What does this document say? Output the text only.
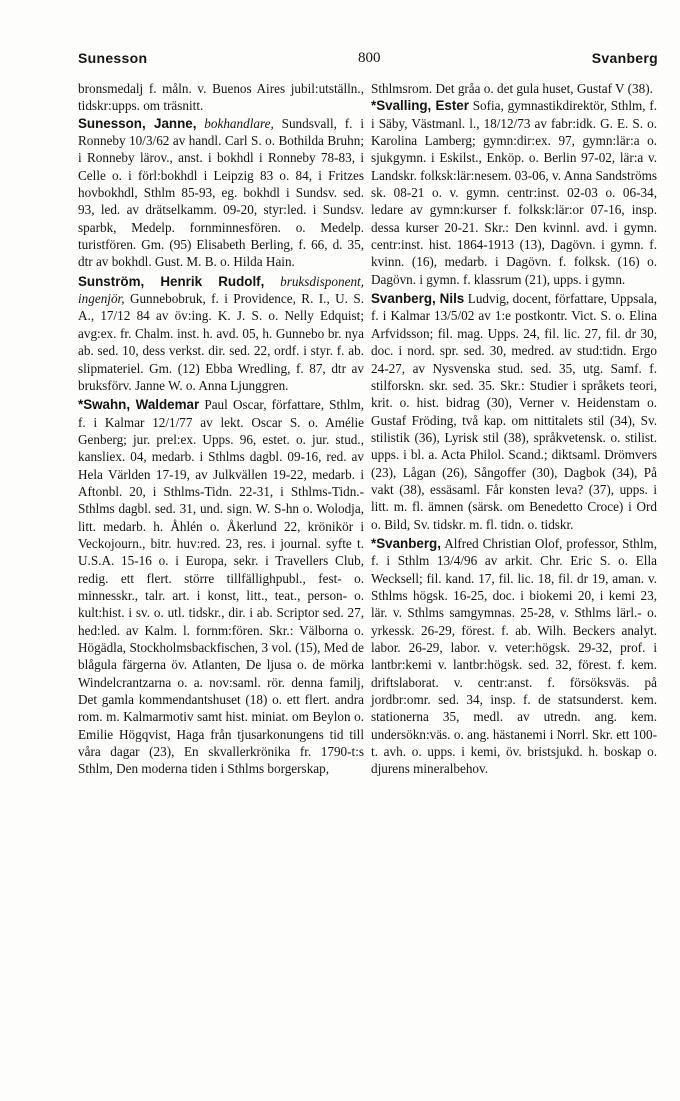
Sunesson	800	Svanberg

bronsmedalj f. måln. v. Buenos Aires jubil:utställn., tidskr:upps. om träsnitt.

Sunesson, Janne, bokhandlare, Sundsvall, f. i Ronneby 10/3/62 av handl. Carl S. o. Bothilda Bruhn; i Ronneby lärov., anst. i bokhdl i Ronneby 78-83, i Celle o. i förl:bokhdl i Leipzig 83 o. 84, i Fritzes hovbokhdl, Sthlm 85-93, eg. bokhdl i Sundsv. sed. 93, led. av drätselkamm. 09-20, styr:led. i Sundsv. sparbk, Medelp. fornminnesfören. o. Medelp. turistfören. Gm. (95) Elisabeth Berling, f. 66, d. 35, dtr av bokhdl. Gust. M. B. o. Hilda Hain.

Sunström, Henrik Rudolf, bruksdisponent, ingenjör, Gunnebobruk, f. i Providence, R. I., U. S. A., 17/12 84 av öv:ing. K. J. S. o. Nelly Edquist; avg:ex. fr. Chalm. inst. h. avd. 05, h. Gunnebo br. nya ab. sed. 10, dess verkst. dir. sed. 22, ordf. i styr. f. ab. slipmateriel. Gm. (12) Ebba Wredling, f. 87, dtr av bruksförv. Janne W. o. Anna Ljunggren.

*Swahn, Waldemar Paul Oscar, författare, Sthlm, f. i Kalmar 12/1/77 av lekt. Oscar S. o. Amélie Genberg; jur. prel:ex. Upps. 96, estet. o. jur. stud., kansliex. 04, medarb. i Sthlms dagbl. 09-16, red. av Hela Världen 17-19, av Julkvällen 19-22, medarb. i Aftonbl. 20, i Sthlms-Tidn. 22-31, i Sthlms-Tidn.-Sthlms dagbl. sed. 31, und. sign. W. S-hn o. Wolodja, litt. medarb. h. Åhlén o. Åkerlund 22, krönikör i Veckojourn., bitr. huv:red. 23, res. i journal. syfte t. U.S.A. 15-16 o. i Europa, sekr. i Travellers Club, redig. ett flert. större tillfällighpubl., fest- o. minnesskr., talr. art. i konst, litt., teat., person- o. kult:hist. i sv. o. utl. tidskr., dir. i ab. Scriptor sed. 27, hed:led. av Kalm. l. fornm:fören. Skr.: Välborna o. Högädla, Stockholmsbackfischen, 3 vol. (15), Med de blågula färgerna öv. Atlanten, De ljusa o. de mörka Windelcrantzarna o. a. nov:saml. rör. denna familj, Det gamla kommendantshuset (18) o. ett flert. andra rom. m. Kalmarmotiv samt hist. miniat. om Beylon o. Emilie Högqvist, Haga från tjusarkonungens tid till våra dagar (23), En skvallerkrönika fr. 1790-t:s Sthlm, Den moderna tiden i Sthlms borgerskap,

Sthlmsrom. Det gråa o. det gula huset, Gustaf V (38).

*Svalling, Ester Sofia, gymnastikdirektör, Sthlm, f. i Säby, Västmanl. l., 18/12/73 av fabr:idk. G. E. S. o. Karolina Lamberg; gymn:dir:ex. 97, gymn:lär:a o. sjukgymn. i Eskilst., Enköp. o. Berlin 97-02, lär:a v. Landskr. folksk:lär:nesem. 03-06, v. Anna Sandströms sk. 08-21 o. v. gymn. centr:inst. 02-03 o. 06-34, ledare av gymn:kurser f. folksk:lär:or 07-16, insp. dessa kurser 20-21. Skr.: Den kvinnl. avd. i gymn. centr:inst. hist. 1864-1913 (13), Dagövn. i gymn. f. kvinn. (16), medarb. i Dagövn. f. folksk. (16) o. Dagövn. i gymn. f. klassrum (21), upps. i gymn.

Svanberg, Nils Ludvig, docent, författare, Uppsala, f. i Kalmar 13/5/02 av 1:e postkontr. Vict. S. o. Elina Arfvidsson; fil. mag. Upps. 24, fil. lic. 27, fil. dr 30, doc. i nord. spr. sed. 30, medred. av stud:tidn. Ergo 24-27, av Nysvenska stud. sed. 35, utg. Samf. f. stilforskn. skr. sed. 35. Skr.: Studier i språkets teori, krit. o. hist. bidrag (30), Verner v. Heidenstam o. Gustaf Fröding, två kap. om nittitalets stil (34), Sv. stilistik (36), Lyrisk stil (38), språkvetensk. o. stilist. upps. i bl. a. Acta Philol. Scand.; diktsaml. Drömvers (23), Lågan (26), Sångoffer (30), Dagbok (34), På vakt (38), essäsaml. Får konsten leva? (37), upps. i litt. m. fl. ämnen (särsk. om Benedetto Croce) i Ord o. Bild, Sv. tidskr. m. fl. tidn. o. tidskr.

*Svanberg, Alfred Christian Olof, professor, Sthlm, f. i Sthlm 13/4/96 av arkit. Chr. Eric S. o. Ella Wecksell; fil. kand. 17, fil. lic. 18, fil. dr 19, aman. v. Sthlms högsk. 16-25, doc. i biokemi 20, i kemi 23, lär. v. Sthlms samgymnas. 25-28, v. Sthlms lärl.- o. yrkessk. 26-29, förest. f. ab. Wilh. Beckers analyt. labor. 26-29, labor. v. veter:högsk. 29-32, prof. i lantbr:kemi v. lantbr:högsk. sed. 32, förest. f. kem. driftslaborat. v. centr:anst. f. försöksväs. på jordbr:omr. sed. 34, insp. f. de statsunderst. kem. stationerna 35, medl. av utredn. ang. kem. undersökn:väs. o. ang. hästanemi i Norrl. Skr. ett 100-t. avh. o. upps. i kemi, öv. bristsjukd. h. boskap o. djurens mineralbehov.
